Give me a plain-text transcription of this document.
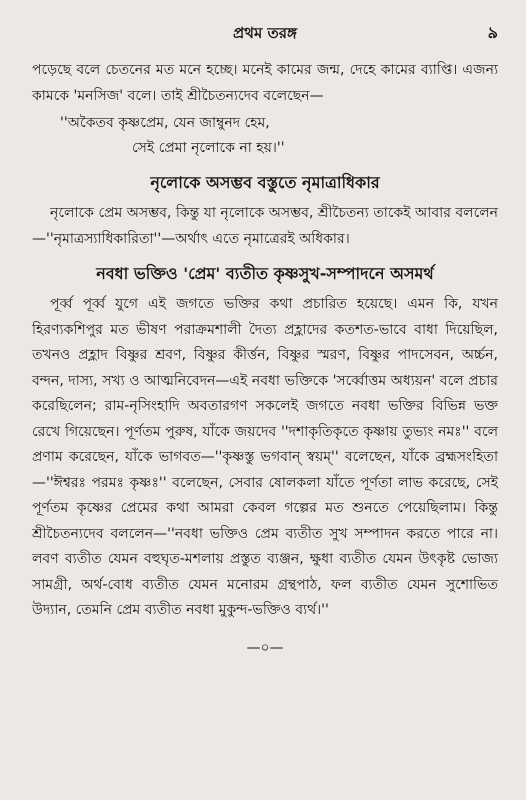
প্রথম তরঙ্গ	৯

পড়েছে বলে চেতনের মত মনে হচ্ছে। মনেই কামের জন্ম, দেহে কামের ব্যাপ্তি। এজন্য কামকে 'মনসিজ' বলে। তাই শ্রীচৈতন্যদেব বলেছেন—

''অকৈতব কৃষ্ণপ্রেম, যেন জাম্বুনদ হেম,
সেই প্রেমা নৃলোকে না হয়।''
নৃলোকে অসম্ভব বস্তুতে নৃমাত্রাধিকার

নৃলোকে প্রেম অসম্ভব, কিন্তু যা নৃলোকে অসম্ভব, শ্রীচৈতন্য তাকেই আবার বললেন—''নৃমাত্রস্যাধিকারিতা''—অর্থাৎ এতে নৃমাত্রেরই অধিকার।

নবধা ভক্তিও 'প্রেম' ব্যতীত কৃষ্ণসুখ-সম্পাদনে অসমর্থ

পূর্ব্ব পূর্ব্ব যুগে এই জগতে ভক্তির কথা প্রচারিত হয়েছে। এমন কি, যখন হিরণ্যকশিপুর মত ভীষণ পরাক্রমশালী দৈত্য প্রহ্লাদের কতশত-ভাবে বাধা দিয়েছিল, তখনও প্রহ্লাদ বিষ্ণুর শ্রবণ, বিষ্ণুর কীর্ত্তন, বিষ্ণুর স্মরণ, বিষ্ণুর পাদসেবন, অর্চ্চন, বন্দন, দাস্য, সখ্য ও আত্মনিবেদন—এই নবধা ভক্তিকে 'সর্ব্বোত্তম অধ্যয়ন' বলে প্রচার করেছিলেন; রাম-নৃসিংহাদি অবতারগণ সকলেই জগতে নবধা ভক্তির বিভিন্ন ভক্ত রেখে গিয়েছেন। পূর্ণতম পুরুষ, যাঁকে জয়দেব ''দশাকৃতিকৃতে কৃষ্ণায় তুভ্যং নমঃ'' বলে প্রণাম করেছেন, যাঁকে ভাগবত—''কৃষ্ণস্তু ভগবান্ স্বয়ম্'' বলেছেন, যাঁকে ব্রহ্মসংহিতা—''ঈশ্বরঃ পরমঃ কৃষ্ণঃ'' বলেছেন, সেবার ষোলকলা যাঁতে পূর্ণতা লাভ করেছে, সেই পূর্ণতম কৃষ্ণের প্রেমের কথা আমরা কেবল গল্পের মত শুনতে পেয়েছিলাম। কিন্তু শ্রীচৈতন্যদেব বললেন—''নবধা ভক্তিও প্রেম ব্যতীত সুখ সম্পাদন করতে পারে না। লবণ ব্যতীত যেমন বহুঘৃত-মশলায় প্রস্তুত ব্যঞ্জন, ক্ষুধা ব্যতীত যেমন উৎকৃষ্ট ভোজ্য সামগ্রী, অর্থ-বোধ ব্যতীত যেমন মনোরম গ্রন্থপাঠ, ফল ব্যতীত যেমন সুশোভিত উদ্যান, তেমনি প্রেম ব্যতীত নবধা মুকুন্দ-ভক্তিও ব্যর্থ।''

—০—
